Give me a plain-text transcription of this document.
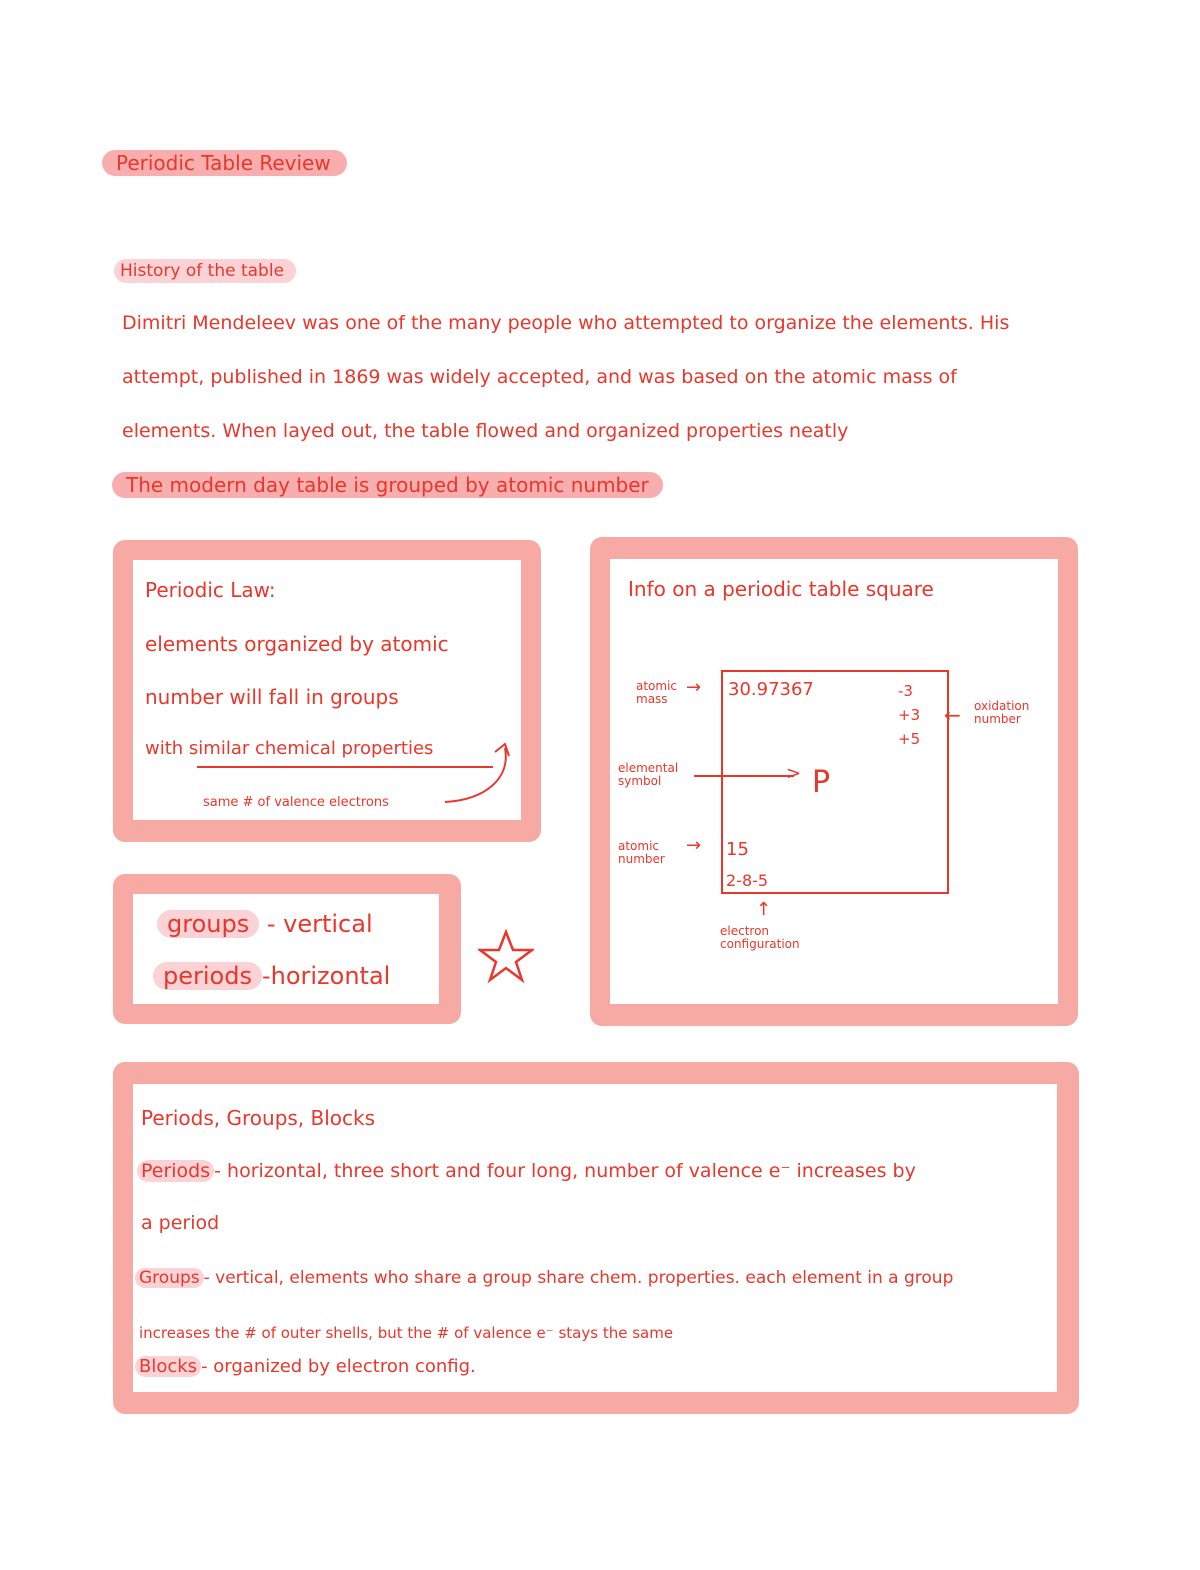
Periodic Table Review
History of the table
Dimitri Mendeleev was one of the many people who attempted to organize the elements. His
attempt, published in 1869 was widely accepted, and was based on the atomic mass of
elements. When layed out, the table flowed and organized properties neatly
The modern day table is grouped by atomic number
Periodic Law:
elements organized by atomic
number will fall in groups
with similar chemical properties
same # of valence electrons
groups - vertical
periods -horizontal
Info on a periodic table square
atomic mass
→ 30.97367	-3
+3
+5
← oxidation number
elemental symbol	> P
atomic number
→ 15
2-8-5
↑
electron configuration
Periods, Groups, Blocks
Periods - horizontal, three short and four long, number of valence e⁻ increases by
a period
Groups - vertical, elements who share a group share chem. properties. each element in a group
increases the # of outer shells, but the # of valence e⁻ stays the same
Blocks - organized by electron config.
